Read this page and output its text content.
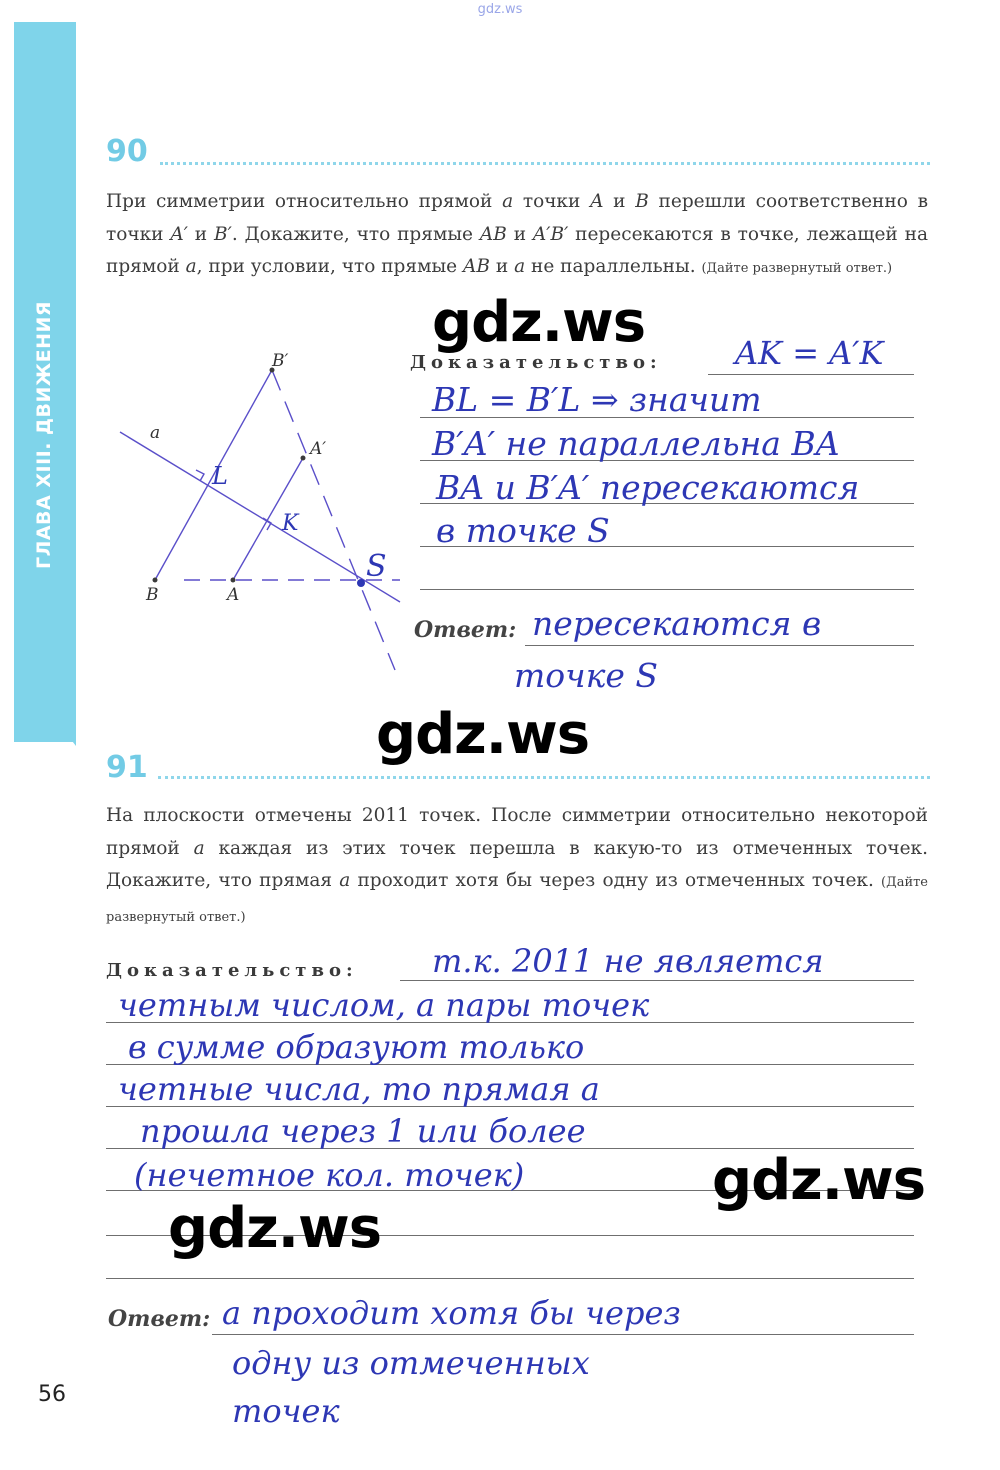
gdz.ws
ГЛАВА XIII. ДВИЖЕНИЯ
90
При симметрии относительно прямой a точки A и B перешли соответственно в точки A′ и B′. Докажите, что прямые AB и A′B′ пересекаются в точке, лежащей на прямой a, при условии, что прямые AB и a не параллельны. (Дайте развернутый ответ.)
B′
A′
a
B	A
L
K
S
Доказательство: AK = A′K
BL = B′L ⇒ значит
B′A′ не параллельна BA
BA и B′A′ пересекаются
в точке S
Ответ: пересекаются в
точке S
91
На плоскости отмечены 2011 точек. После симметрии относительно некоторой прямой a каждая из этих точек перешла в какую-то из отмеченных точек. Докажите, что прямая a проходит хотя бы через одну из отмеченных точек. (Дайте развернутый ответ.)
Доказательство: т.к. 2011 не является
четным числом, а пары точек
в сумме образуют только
четные числа, то прямая a
прошла через 1 или более
(нечетное кол. точек)
Ответ: a проходит хотя бы через
одну из отмеченных
точек
56
gdz.ws
gdz.ws
gdz.ws
gdz.ws
